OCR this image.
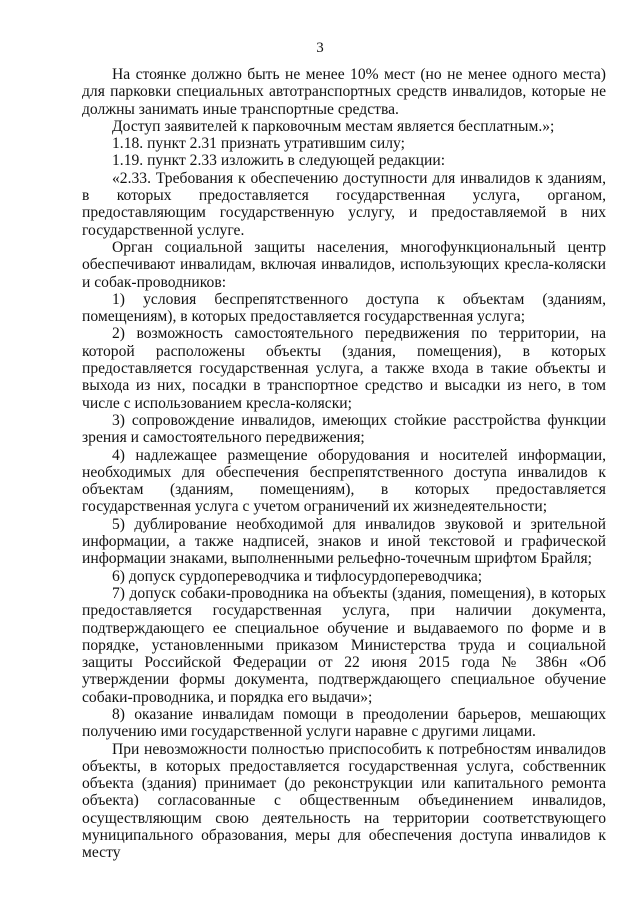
3

На стоянке должно быть не менее 10% мест (но не менее одного места) для парковки специальных автотранспортных средств инвалидов, которые не должны занимать иные транспортные средства.

Доступ заявителей к парковочным местам является бесплатным.»;

1.18. пункт 2.31 признать утратившим силу;

1.19. пункт 2.33 изложить в следующей редакции:

«2.33. Требования к обеспечению доступности для инвалидов к зданиям, в которых предоставляется государственная услуга, органом, предоставляющим государственную услугу, и предоставляемой в них государственной услуге.

Орган социальной защиты населения, многофункциональный центр обеспечивают инвалидам, включая инвалидов, использующих кресла-коляски и собак-проводников:

1) условия беспрепятственного доступа к объектам (зданиям, помещениям), в которых предоставляется государственная услуга;

2) возможность самостоятельного передвижения по территории, на которой расположены объекты (здания, помещения), в которых предоставляется государственная услуга, а также входа в такие объекты и выхода из них, посадки в транспортное средство и высадки из него, в том числе с использованием кресла-коляски;

3) сопровождение инвалидов, имеющих стойкие расстройства функции зрения и самостоятельного передвижения;

4) надлежащее размещение оборудования и носителей информации, необходимых для обеспечения беспрепятственного доступа инвалидов к объектам (зданиям, помещениям), в которых предоставляется государственная услуга с учетом ограничений их жизнедеятельности;

5) дублирование необходимой для инвалидов звуковой и зрительной информации, а также надписей, знаков и иной текстовой и графической информации знаками, выполненными рельефно-точечным шрифтом Брайля;

6) допуск сурдопереводчика и тифлосурдопереводчика;

7) допуск собаки-проводника на объекты (здания, помещения), в которых предоставляется государственная услуга, при наличии документа, подтверждающего ее специальное обучение и выдаваемого по форме и в порядке, установленными приказом Министерства труда и социальной защиты Российской Федерации от 22 июня 2015 года № 386н «Об утверждении формы документа, подтверждающего специальное обучение собаки-проводника, и порядка его выдачи»;

8) оказание инвалидам помощи в преодолении барьеров, мешающих получению ими государственной услуги наравне с другими лицами.

При невозможности полностью приспособить к потребностям инвалидов объекты, в которых предоставляется государственная услуга, собственник объекта (здания) принимает (до реконструкции или капитального ремонта объекта) согласованные с общественным объединением инвалидов, осуществляющим свою деятельность на территории соответствующего муниципального образования, меры для обеспечения доступа инвалидов к месту
